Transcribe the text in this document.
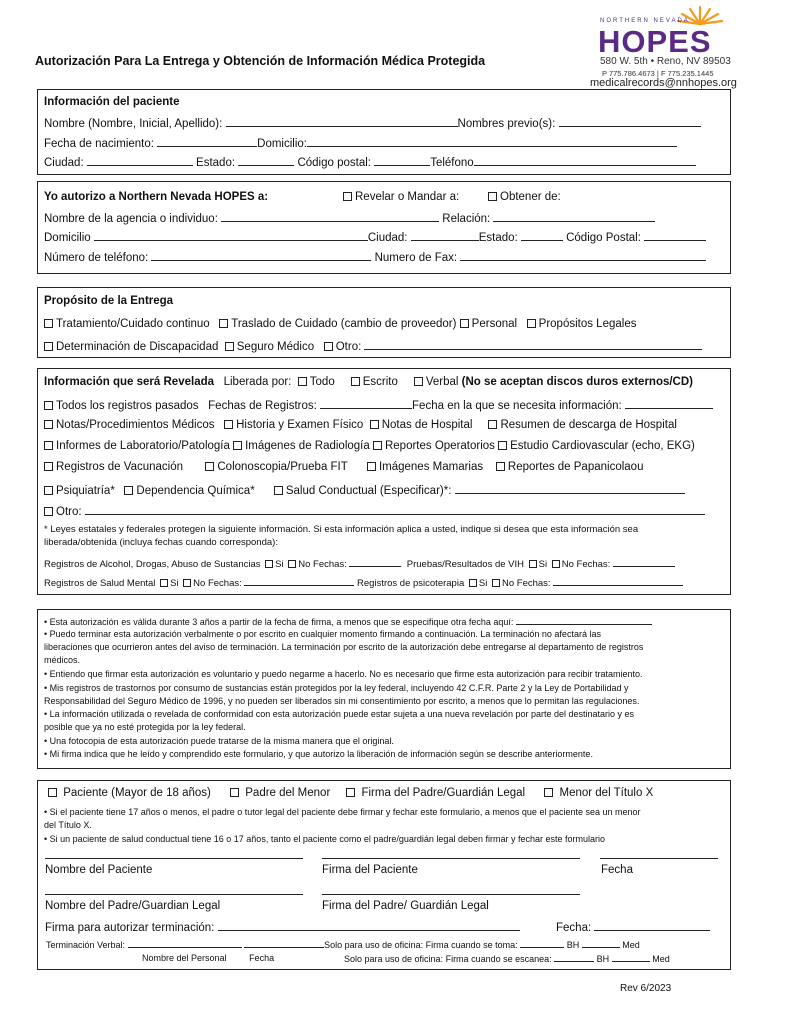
Autorización Para La Entrega y Obtención de Información Médica Protegida
NORTHERN NEVADA
HOPES
580 W. 5th • Reno, NV 89503
P 775.786.4673 | F 775.235.1445
medicalrecords@nnhopes.org
Información del paciente
Nombre (Nombre, Inicial, Apellido):	Nombres previo(s):
Fecha de nacimiento:	Domicilio:
Ciudad:	Estado:	Código postal:	Teléfono
Yo autorizo a Northern Nevada HOPES a:	Revelar o Mandar a:	Obtener de:
Nombre de la agencia o individuo:	Relación:
Domicilio	Ciudad:	Estado:	Código Postal:
Número de teléfono:	Numero de Fax:
Propósito de la Entrega
Tratamiento/Cuidado continuo Traslado de Cuidado (cambio de proveedor) Personal Propósitos Legales
Determinación de Discapacidad Seguro Médico Otro:
Información que será Revelada Liberada por: Todo Escrito Verbal (No se aceptan discos duros externos/CD)
Todos los registros pasados Fechas de Registros:	Fecha en la que se necesita información:
Notas/Procedimientos Médicos Historia y Examen Físico Notas de Hospital Resumen de descarga de Hospital
Informes de Laboratorio/Patología Imágenes de Radiología Reportes Operatorios Estudio Cardiovascular (echo, EKG)
Registros de Vacunación	Colonoscopia/Prueba FIT	Imágenes Mamarias Reportes de Papanicolaou
Psiquiatría* Dependencia Química*	Salud Conductual (Especificar)*:
Otro:
* Leyes estatales y federales protegen la siguiente información. Si esta información aplica a usted, indique si desea que esta información sea
liberada/obtenida (incluya fechas cuando corresponda):
Registros de Alcohol, Drogas, Abuso de Sustancias Si No Fechas:	Pruebas/Resultados de VIH Si No Fechas:
Registros de Salud Mental Si No Fechas:	Registros de psicoterapia Si No Fechas:
• Esta autorización es válida durante 3 años a partir de la fecha de firma, a menos que se especifique otra fecha aquí:
• Puedo terminar esta autorización verbalmente o por escrito en cualquier momento firmando a continuación. La terminación no afectará las
liberaciones que ocurrieron antes del aviso de terminación. La terminación por escrito de la autorización debe entregarse al departamento de registros
médicos.
• Entiendo que firmar esta autorización es voluntario y puedo negarme a hacerlo. No es necesario que firme esta autorización para recibir tratamiento.
• Mis registros de trastornos por consumo de sustancias están protegidos por la ley federal, incluyendo 42 C.F.R. Parte 2 y la Ley de Portabilidad y
Responsabilidad del Seguro Médico de 1996, y no pueden ser liberados sin mi consentimiento por escrito, a menos que lo permitan las regulaciones.
• La información utilizada o revelada de conformidad con esta autorización puede estar sujeta a una nueva revelación por parte del destinatario y es
posible que ya no esté protegida por la ley federal.
• Una fotocopia de esta autorización puede tratarse de la misma manera que el original.
• Mi firma indica que he leído y comprendido este formulario, y que autorizo la liberación de información según se describe anteriormente.
Paciente (Mayor de 18 años)	Padre del Menor	Firma del Padre/Guardián Legal	Menor del Título X
• Si el paciente tiene 17 años o menos, el padre o tutor legal del paciente debe firmar y fechar este formulario, a menos que el paciente sea un menor
del Título X.
• Si un paciente de salud conductual tiene 16 o 17 años, tanto el paciente como el padre/guardián legal deben firmar y fechar este formulario
Nombre del Paciente	Firma del Paciente	Fecha
Nombre del Padre/Guardian Legal	Firma del Padre/ Guardián Legal
Firma para autorizar terminación:	Fecha:
Terminación Verbal:	Solo para uso de oficina: Firma cuando se toma:	BH	Med
Nombre del Personal	Fecha	Solo para uso de oficina: Firma cuando se escanea:	BH	Med
Rev 6/2023
